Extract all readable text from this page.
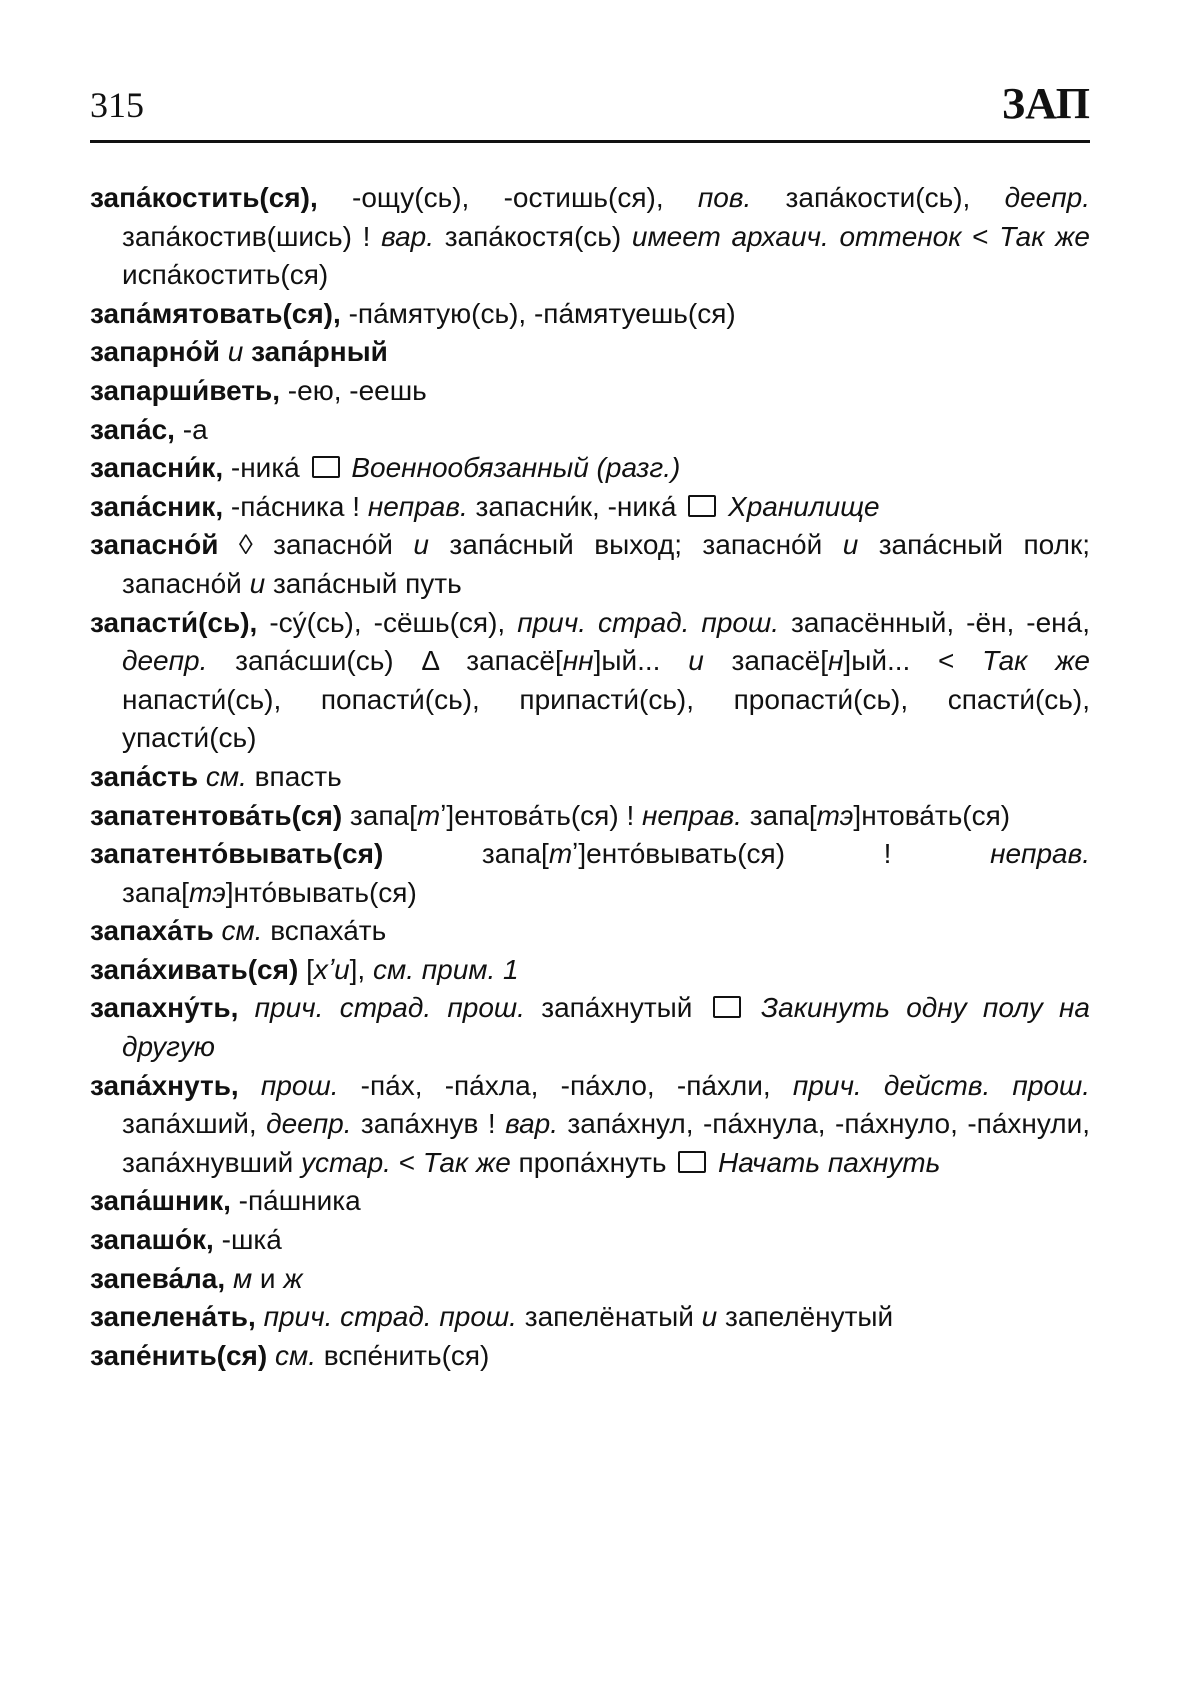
315	ЗАП
запа́костить(ся), -ощу(сь), -остишь(ся), пов. запа́кости(сь), деепр. запа́костив(шись) ! вар. запа́костя(сь) имеет архаич. оттенок < Так же испа́костить(ся)
запа́мятовать(ся), -па́мятую(сь), -па́мятуешь(ся)
запарно́й и запа́рный
запарши́веть, -ею, -еешь
запа́с, -а
запасни́к, -ника́  Военнообязанный (разг.)
запа́сник, -па́сника ! неправ. запасни́к, -ника́  Хранилище
запасно́й ◊ запасно́й и запа́сный выход; запасно́й и запа́сный полк; запасно́й и запа́сный путь
запасти́(сь), -су́(сь), -сёшь(ся), прич. страд. прош. запасённый, -ён, -ена́, деепр. запа́сши(сь) Δ запасё[нн]ый... и запасё[н]ый... < Так же напасти́(сь), попасти́(сь), припасти́(сь), пропасти́(сь), спасти́(сь), упасти́(сь)
запа́сть см. впасть
запатентова́ть(ся) запа[тʼ]ентова́ть(ся) ! неправ. запа[тэ]нтова́ть(ся)
запатенто́вывать(ся) запа[тʼ]енто́вывать(ся) ! неправ. запа[тэ]нто́вывать(ся)
запаха́ть см. вспаха́ть
запа́хивать(ся) [хʼи], см. прим. 1
запахну́ть, прич. страд. прош. запа́хнутый  Закинуть одну полу на другую
запа́хнуть, прош. -па́х, -па́хла, -па́хло, -па́хли, прич. действ. прош. запа́хший, деепр. запа́хнув ! вар. запа́хнул, -па́хнула, -па́хнуло, -па́хнули, запа́хнувший устар. < Так же пропа́хнуть  Начать пахнуть
запа́шник, -па́шника
запашо́к, -шка́
запева́ла, м и ж
запелена́ть, прич. страд. прош. запелёнатый и запелёнутый
запе́нить(ся) см. вспе́нить(ся)
